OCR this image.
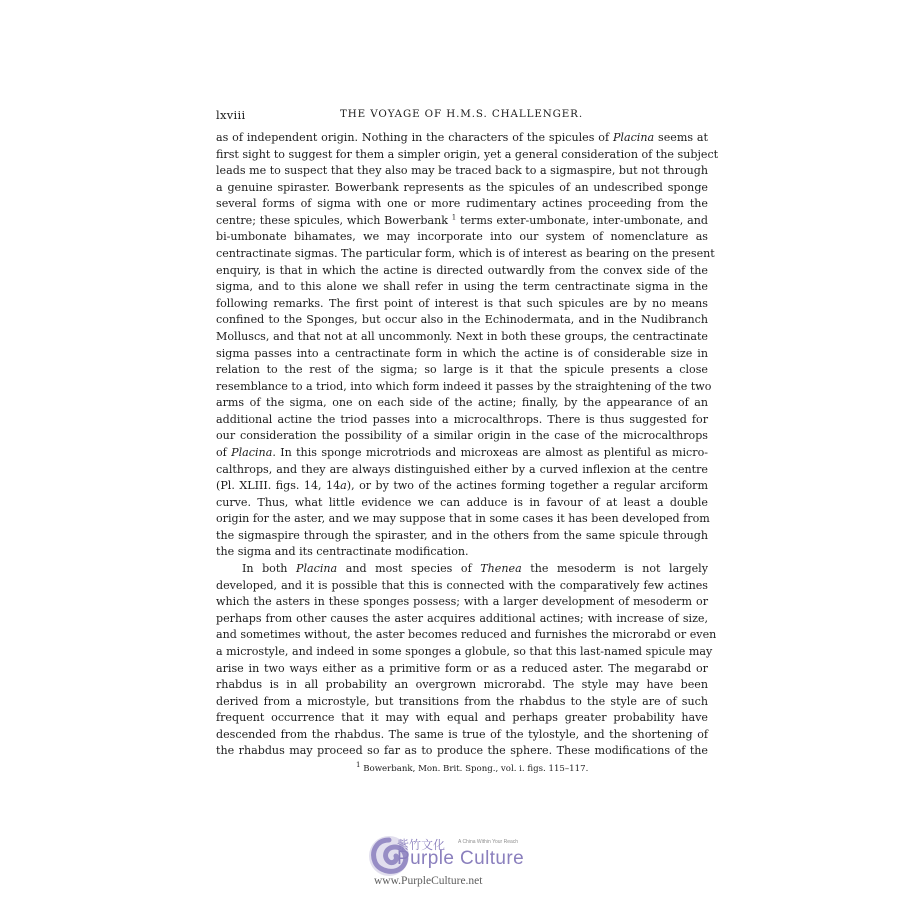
lxviii	THE VOYAGE OF H.M.S. CHALLENGER.
as of independent origin. Nothing in the characters of the spicules of Placina seems at
first sight to suggest for them a simpler origin, yet a general consideration of the subject
leads me to suspect that they also may be traced back to a sigmaspire, but not through
a genuine spiraster. Bowerbank represents as the spicules of an undescribed sponge
several forms of sigma with one or more rudimentary actines proceeding from the
centre; these spicules, which Bowerbank $^1$ terms exter-umbonate, inter-umbonate, and
bi-umbonate bihamates, we may incorporate into our system of nomenclature as
centractinate sigmas. The particular form, which is of interest as bearing on the present
enquiry, is that in which the actine is directed outwardly from the convex side of the
sigma, and to this alone we shall refer in using the term centractinate sigma in the
following remarks. The first point of interest is that such spicules are by no means
confined to the Sponges, but occur also in the Echinodermata, and in the Nudibranch
Molluscs, and that not at all uncommonly. Next in both these groups, the centractinate
sigma passes into a centractinate form in which the actine is of considerable size in
relation to the rest of the sigma; so large is it that the spicule presents a close
resemblance to a triod, into which form indeed it passes by the straightening of the two
arms of the sigma, one on each side of the actine; finally, by the appearance of an
additional actine the triod passes into a microcalthrops. There is thus suggested for
our consideration the possibility of a similar origin in the case of the microcalthrops
of Placina. In this sponge microtriods and microxeas are almost as plentiful as micro-
calthrops, and they are always distinguished either by a curved inflexion at the centre
(Pl. XLIII. figs. 14, 14a), or by two of the actines forming together a regular arciform
curve. Thus, what little evidence we can adduce is in favour of at least a double
origin for the aster, and we may suppose that in some cases it has been developed from
the sigmaspire through the spiraster, and in the others from the same spicule through
the sigma and its centractinate modification.
In both Placina and most species of Thenea the mesoderm is not largely
developed, and it is possible that this is connected with the comparatively few actines
which the asters in these sponges possess; with a larger development of mesoderm or
perhaps from other causes the aster acquires additional actines; with increase of size,
and sometimes without, the aster becomes reduced and furnishes the microrabd or even
a microstyle, and indeed in some sponges a globule, so that this last-named spicule may
arise in two ways either as a primitive form or as a reduced aster. The megarabd or
rhabdus is in all probability an overgrown microrabd. The style may have been
derived from a microstyle, but transitions from the rhabdus to the style are of such
frequent occurrence that it may with equal and perhaps greater probability have
descended from the rhabdus. The same is true of the tylostyle, and the shortening of
the rhabdus may proceed so far as to produce the sphere. These modifications of the
$^1$ Bowerbank, Mon. Brit. Spong., vol. i. figs. 115–117.
紫竹文化	A China Within Your Reach
Purple Culture
www.PurpleCulture.net
